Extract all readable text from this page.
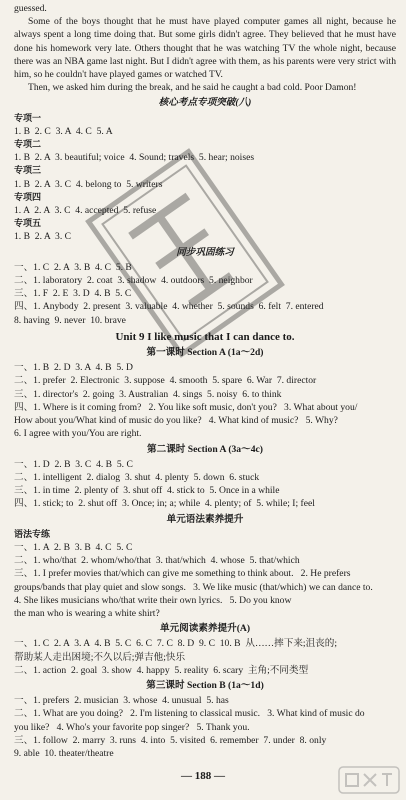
guessed.

Some of the boys thought that he must have played computer games all night, because he always spent a long time doing that. But some girls didn't agree. They believed that he must have done his homework very late. Others thought that he was watching TV the whole night, because there was an NBA game last night. But I didn't agree with them, as his parents were very strict with him, so he couldn't have played games or watched TV.

Then, we asked him during the break, and he said he caught a bad cold. Poor Damon!

核心考点专项突破(八)
专项一
1. B  2. C  3. A  4. C  5. A
专项二
1. B  2. A  3. beautiful; voice  4. Sound; travels  5. hear; noises
专项三
1. B  2. A  3. C  4. belong to  5. writers
专项四
1. A  2. A  3. C  4. accepted  5. refuse
专项五
1. B  2. A  3. C
同步巩固练习
一、1. C  2. A  3. B  4. C  5. B
二、1. laboratory  2. coat  3. shadow  4. outdoors  5. neighbor
三、1. F  2. E  3. D  4. B  5. C
四、1. Anybody  2. present  3. valuable  4. whether  5. sounds  6. felt  7. entered
8. having  9. never  10. brave
Unit 9 I like music that I can dance to.
第一课时 Section A (1a～2d)
一、1. B  2. D  3. A  4. B  5. D
二、1. prefer  2. Electronic  3. suppose  4. smooth  5. spare  6. War  7. director
三、1. director's  2. going  3. Australian  4. sings  5. noisy  6. to think
四、1. Where is it coming from?   2. You like soft music, don't you?   3. What about you/
How about you/What kind of music do you like?   4. What kind of music?   5. Why?
6. I agree with you/You are right.
第二课时 Section A (3a～4c)
一、1. D  2. B  3. C  4. B  5. C
二、1. intelligent  2. dialog  3. shut  4. plenty  5. down  6. stuck
三、1. in time  2. plenty of  3. shut off  4. stick to  5. Once in a while
四、1. stick; to  2. shut off  3. Once; in; a; while  4. plenty; of  5. while; I; feel
单元语法素养提升
语法专练
一、1. A  2. B  3. B  4. C  5. C
二、1. who/that  2. whom/who/that  3. that/which  4. whose  5. that/which
三、1. I prefer movies that/which can give me something to think about.   2. He prefers
groups/bands that play quiet and slow songs.   3. We like music (that/which) we can dance to.
4. She likes musicians who/that write their own lyrics.   5. Do you know
the man who is wearing a white shirt?
单元阅读素养提升(A)
一、1. C  2. A  3. A  4. B  5. C  6. C  7. C  8. D  9. C  10. B  从……摔下来;沮丧的;
帮助某人走出困境;不久以后;弹吉他;快乐
二、1. action  2. goal  3. show  4. happy  5. reality  6. scary  主角;不同类型
第三课时 Section B (1a～1d)
一、1. prefers  2. musician  3. whose  4. unusual  5. has
二、1. What are you doing?   2. I'm listening to classical music.   3. What kind of music do
you like?   4. Who's your favorite pop singer?   5. Thank you.
三、1. follow  2. marry  3. runs  4. into  5. visited  6. remember  7. under  8. only
9. able  10. theater/theatre
— 188 —
